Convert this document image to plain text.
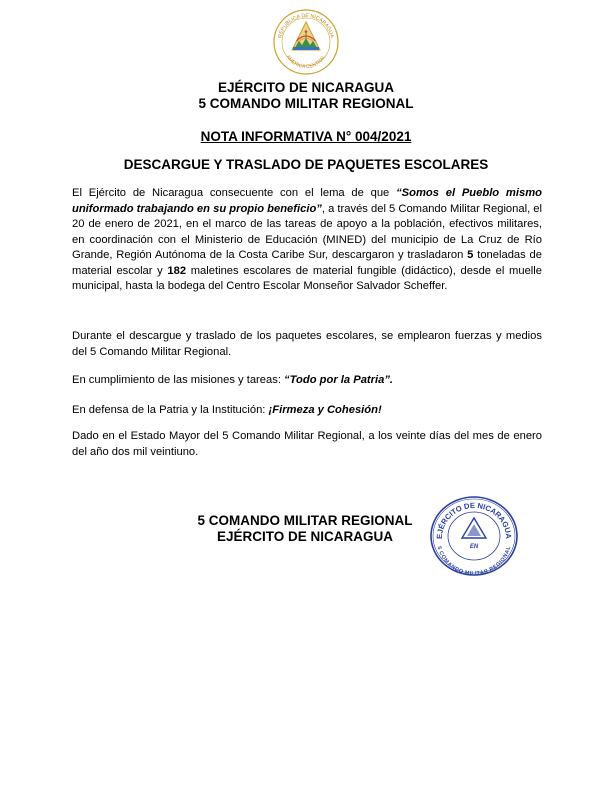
REPUBLICA DE NICARAGUA
AMERICA CENTRAL
EJÉRCITO DE NICARAGUA
5 COMANDO MILITAR REGIONAL
NOTA INFORMATIVA N° 004/2021
DESCARGUE Y TRASLADO DE PAQUETES ESCOLARES
El Ejército de Nicaragua consecuente con el lema de que “Somos el Pueblo mismo uniformado trabajando en su propio beneficio”, a través del 5 Comando Militar Regional, el 20 de enero de 2021, en el marco de las tareas de apoyo a la población, efectivos militares, en coordinación con el Ministerio de Educación (MINED) del municipio de La Cruz de Río Grande, Región Autónoma de la Costa Caribe Sur, descargaron y trasladaron 5 toneladas de material escolar y 182 maletines escolares de material fungible (didáctico), desde el muelle municipal, hasta la bodega del Centro Escolar Monseñor Salvador Scheffer.
Durante el descargue y traslado de los paquetes escolares, se emplearon fuerzas y medios del 5 Comando Militar Regional.
En cumplimiento de las misiones y tareas: “Todo por la Patria”.
En defensa de la Patria y la Institución: ¡Firmeza y Cohesión!
Dado en el Estado Mayor del 5 Comando Militar Regional, a los veinte días del mes de enero del año dos mil veintiuno.
5 COMANDO MILITAR REGIONAL
EJÉRCITO DE NICARAGUA	EJÉRCITO DE NICARAGUA
5 COMANDO MILITAR REGIONAL
EN
